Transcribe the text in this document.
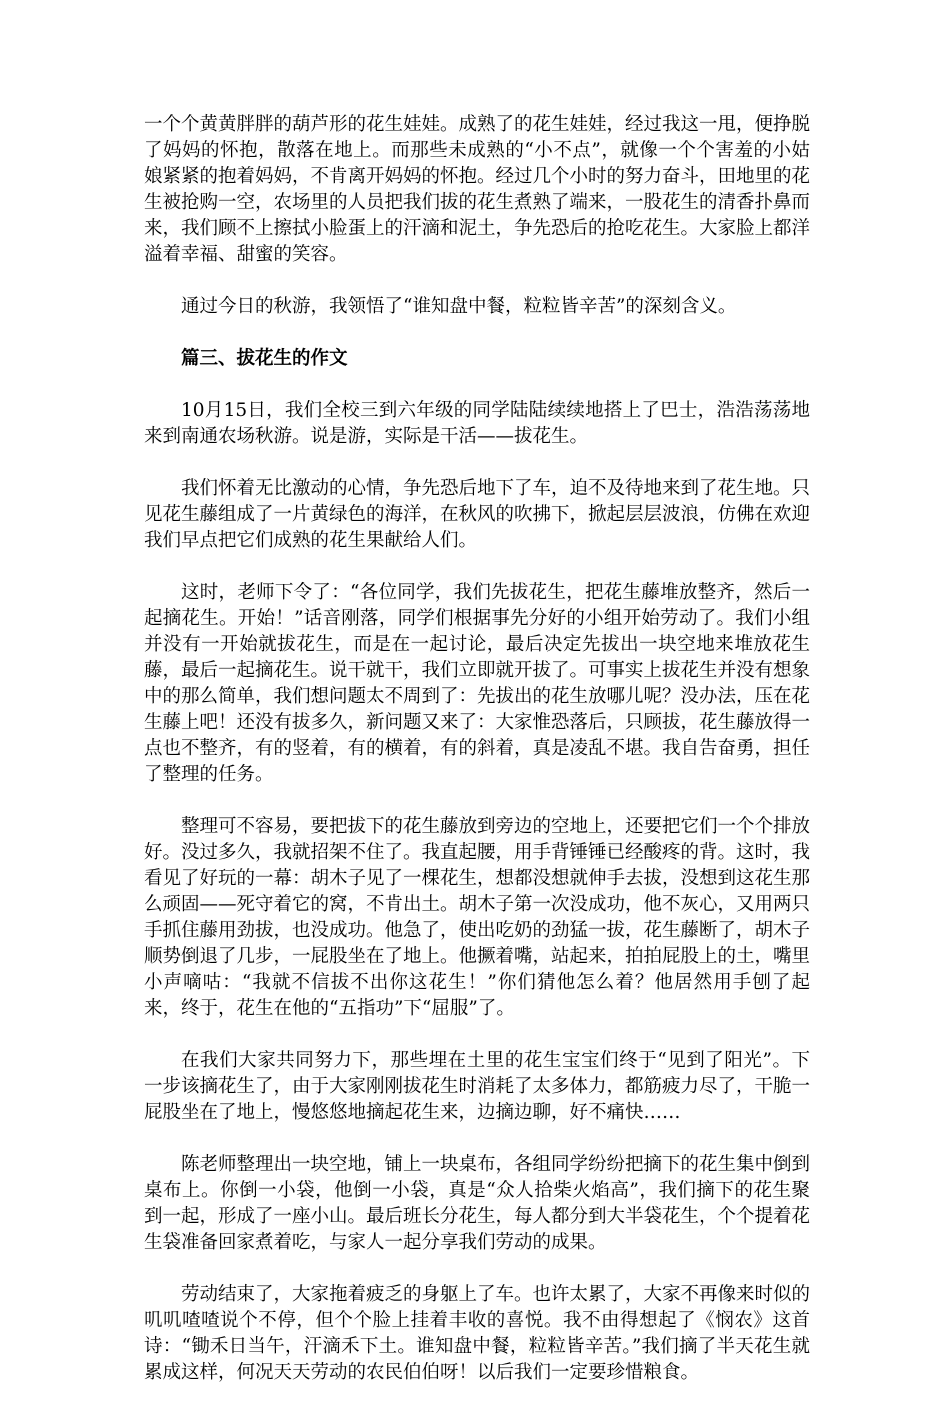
一个个黄黄胖胖的葫芦形的花生娃娃。成熟了的花生娃娃，经过我这一甩，便挣脱了妈妈的怀抱，散落在地上。而那些未成熟的“小不点”，就像一个个害羞的小姑娘紧紧的抱着妈妈，不肯离开妈妈的怀抱。经过几个小时的努力奋斗，田地里的花生被抢购一空，农场里的人员把我们拔的花生煮熟了端来，一股花生的清香扑鼻而来，我们顾不上擦拭小脸蛋上的汗滴和泥土，争先恐后的抢吃花生。大家脸上都洋溢着幸福、甜蜜的笑容。

通过今日的秋游，我领悟了“谁知盘中餐，粒粒皆辛苦”的深刻含义。

篇三、拔花生的作文

10月15日，我们全校三到六年级的同学陆陆续续地搭上了巴士，浩浩荡荡地来到南通农场秋游。说是游，实际是干活——拔花生。

我们怀着无比激动的心情，争先恐后地下了车，迫不及待地来到了花生地。只见花生藤组成了一片黄绿色的海洋，在秋风的吹拂下，掀起层层波浪，仿佛在欢迎我们早点把它们成熟的花生果献给人们。

这时，老师下令了：“各位同学，我们先拔花生，把花生藤堆放整齐，然后一起摘花生。开始！”话音刚落，同学们根据事先分好的小组开始劳动了。我们小组并没有一开始就拔花生，而是在一起讨论，最后决定先拔出一块空地来堆放花生藤，最后一起摘花生。说干就干，我们立即就开拔了。可事实上拔花生并没有想象中的那么简单，我们想问题太不周到了：先拔出的花生放哪儿呢？没办法，压在花生藤上吧！还没有拔多久，新问题又来了：大家惟恐落后，只顾拔，花生藤放得一点也不整齐，有的竖着，有的横着，有的斜着，真是凌乱不堪。我自告奋勇，担任了整理的任务。

整理可不容易，要把拔下的花生藤放到旁边的空地上，还要把它们一个个排放好。没过多久，我就招架不住了。我直起腰，用手背锤锤已经酸疼的背。这时，我看见了好玩的一幕：胡木子见了一棵花生，想都没想就伸手去拔，没想到这花生那么顽固——死守着它的窝，不肯出土。胡木子第一次没成功，他不灰心，又用两只手抓住藤用劲拔，也没成功。他急了，使出吃奶的劲猛一拔，花生藤断了，胡木子顺势倒退了几步，一屁股坐在了地上。他撅着嘴，站起来，拍拍屁股上的土，嘴里小声嘀咕：“我就不信拔不出你这花生！”你们猜他怎么着？他居然用手刨了起来，终于，花生在他的“五指功”下“屈服”了。

在我们大家共同努力下，那些埋在土里的花生宝宝们终于“见到了阳光”。下一步该摘花生了，由于大家刚刚拔花生时消耗了太多体力，都筋疲力尽了，干脆一屁股坐在了地上，慢悠悠地摘起花生来，边摘边聊，好不痛快……

陈老师整理出一块空地，铺上一块桌布，各组同学纷纷把摘下的花生集中倒到桌布上。你倒一小袋，他倒一小袋，真是“众人拾柴火焰高”，我们摘下的花生聚到一起，形成了一座小山。最后班长分花生，每人都分到大半袋花生，个个提着花生袋准备回家煮着吃，与家人一起分享我们劳动的成果。

劳动结束了，大家拖着疲乏的身躯上了车。也许太累了，大家不再像来时似的叽叽喳喳说个不停，但个个脸上挂着丰收的喜悦。我不由得想起了《悯农》这首诗：“锄禾日当午，汗滴禾下土。谁知盘中餐，粒粒皆辛苦。”我们摘了半天花生就累成这样，何况天天劳动的农民伯伯呀！以后我们一定要珍惜粮食。
